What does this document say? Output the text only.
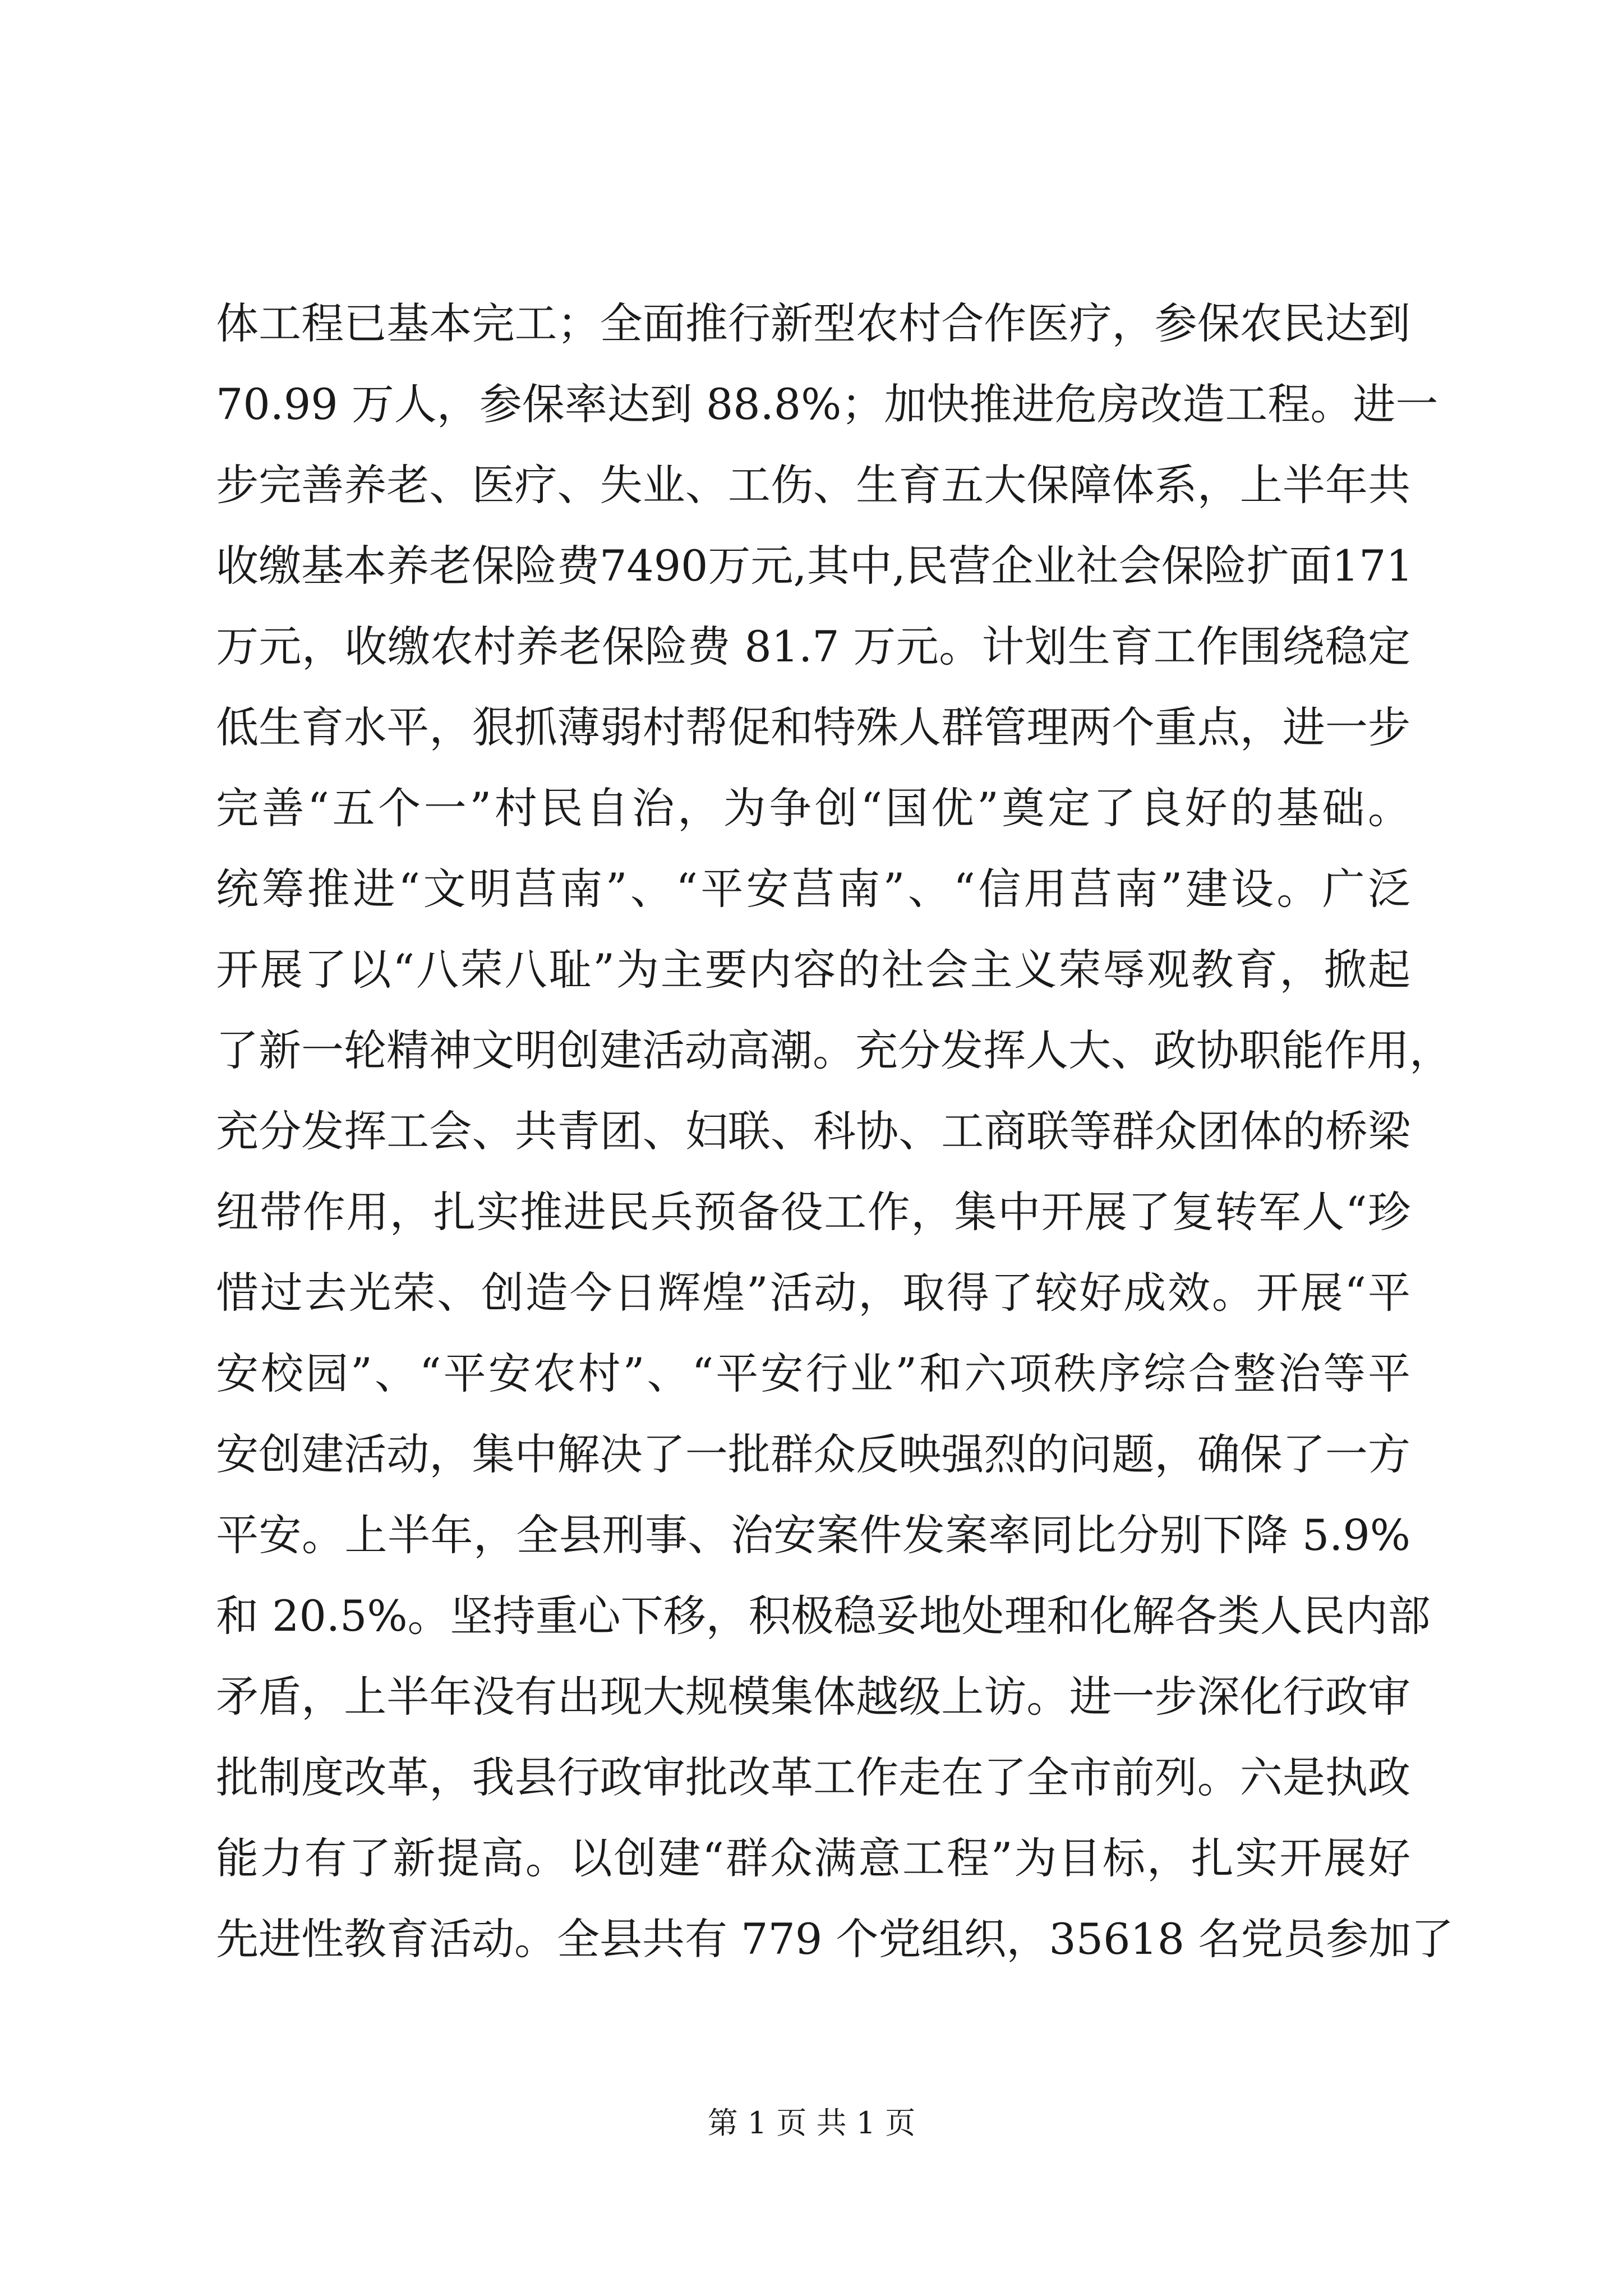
体工程已基本完工；全面推行新型农村合作医疗，参保农民达到
70.99 万人，参保率达到 88.8%；加快推进危房改造工程。进一
步完善养老、医疗、失业、工伤、生育五大保障体系，上半年共
收缴基本养老保险费7490万元,其中,民营企业社会保险扩面171
万元，收缴农村养老保险费 81.7 万元。计划生育工作围绕稳定
低生育水平，狠抓薄弱村帮促和特殊人群管理两个重点，进一步
完善“五个一”村民自治，为争创“国优”奠定了良好的基础。
统筹推进“文明莒南”、“平安莒南”、“信用莒南”建设。广泛
开展了以“八荣八耻”为主要内容的社会主义荣辱观教育，掀起
了新一轮精神文明创建活动高潮。充分发挥人大、政协职能作用，
充分发挥工会、共青团、妇联、科协、工商联等群众团体的桥梁
纽带作用，扎实推进民兵预备役工作，集中开展了复转军人“珍
惜过去光荣、创造今日辉煌”活动，取得了较好成效。开展“平
安校园”、“平安农村”、“平安行业”和六项秩序综合整治等平
安创建活动，集中解决了一批群众反映强烈的问题，确保了一方
平安。上半年，全县刑事、治安案件发案率同比分别下降 5.9%
和 20.5%。坚持重心下移，积极稳妥地处理和化解各类人民内部
矛盾，上半年没有出现大规模集体越级上访。进一步深化行政审
批制度改革，我县行政审批改革工作走在了全市前列。六是执政
能力有了新提高。以创建“群众满意工程”为目标，扎实开展好
先进性教育活动。全县共有 779 个党组织，35618 名党员参加了
第 1 页 共 1 页
